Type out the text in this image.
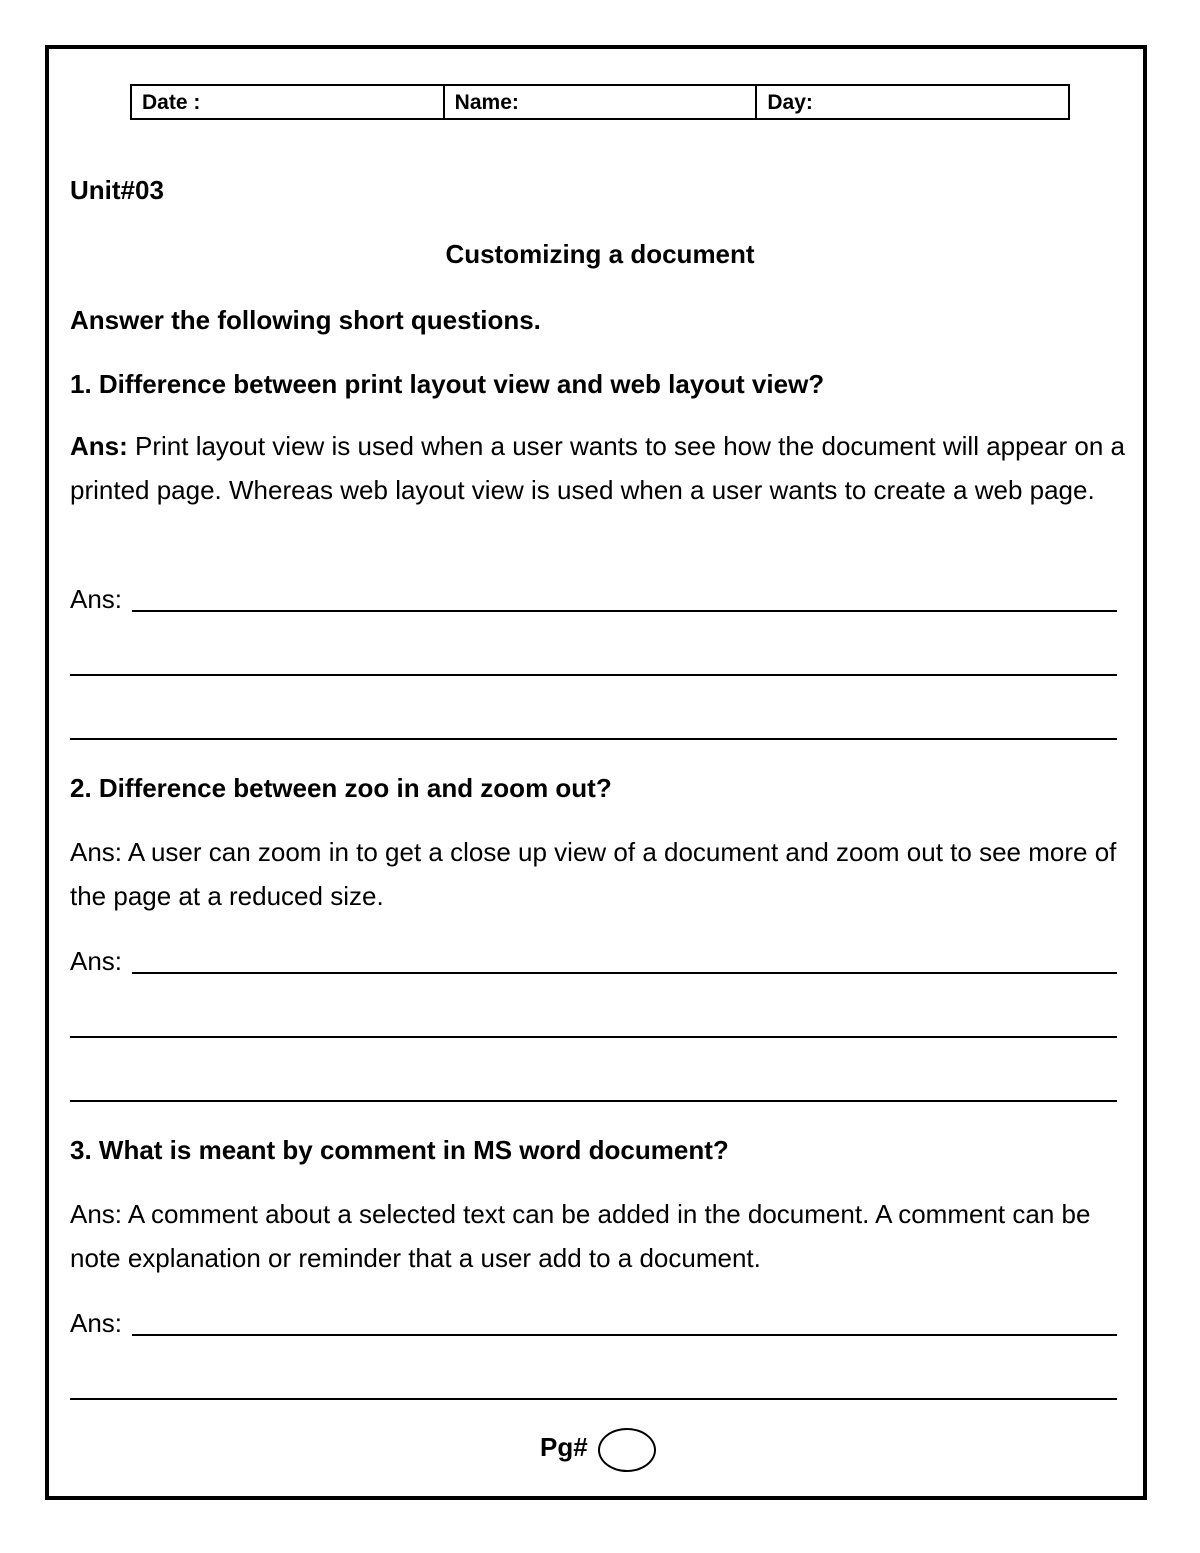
Date :	Name:	Day:
Unit#03
Customizing a document
Answer the following short questions.
1. Difference between print layout view and web layout view?
Ans: Print layout view is used when a user wants to see how the document will appear on a printed page. Whereas web layout view is used when a user wants to create a web page.
Ans:
2. Difference between zoo in and zoom out?
Ans: A user can zoom in to get a close up view of a document and zoom out to see more of the page at a reduced size.
Ans:
3. What is meant by comment in MS word document?
Ans: A comment about a selected text can be added in the document. A comment can be note explanation or reminder that a user add to a document.
Ans:
Pg#
